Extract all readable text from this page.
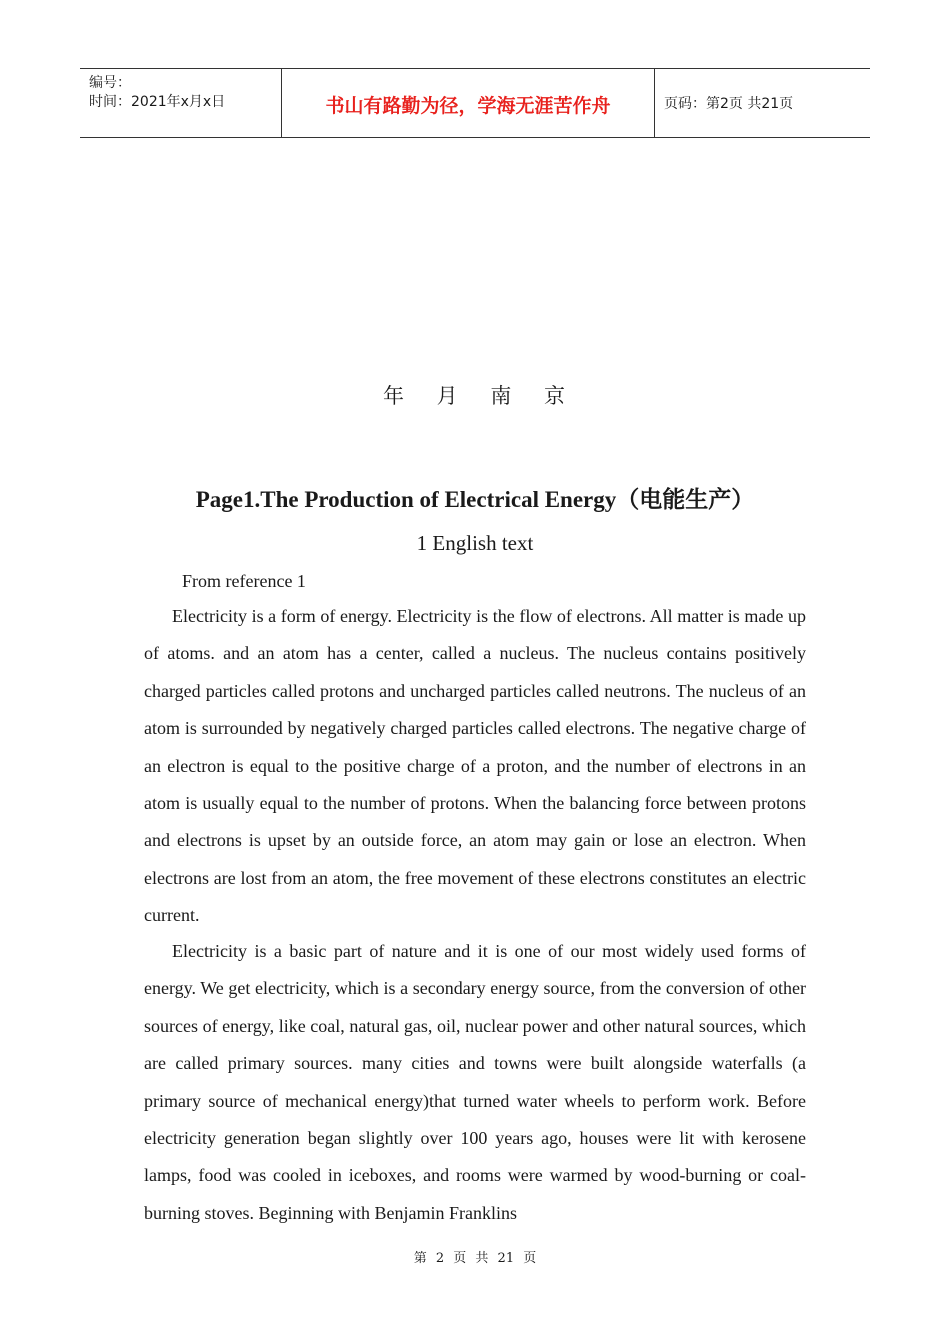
编号：
时间：2021年x月x日	书山有路勤为径，学海无涯苦作舟	页码：第2页 共21页
年 月 南 京
Page1.The Production of Electrical Energy（电能生产）
1 English text
From reference 1

Electricity is a form of energy. Electricity is the flow of electrons. All matter is made up of atoms. and an atom has a center, called a nucleus. The nucleus contains positively charged particles called protons and uncharged particles called neutrons. The nucleus of an atom is surrounded by negatively charged particles called electrons. The negative charge of an electron is equal to the positive charge of a proton, and the number of electrons in an atom is usually equal to the number of protons. When the balancing force between protons and electrons is upset by an outside force, an atom may gain or lose an electron. When electrons are lost from an atom, the free movement of these electrons constitutes an electric current.

Electricity is a basic part of nature and it is one of our most widely used forms of energy. We get electricity, which is a secondary energy source, from the conversion of other sources of energy, like coal, natural gas, oil, nuclear power and other natural sources, which are called primary sources. many cities and towns were built alongside waterfalls (a primary source of mechanical energy)that turned water wheels to perform work. Before electricity generation began slightly over 100 years ago, houses were lit with kerosene lamps, food was cooled in iceboxes, and rooms were warmed by wood-burning or coal-burning stoves. Beginning with Benjamin Franklins

第 2 页 共 21 页
